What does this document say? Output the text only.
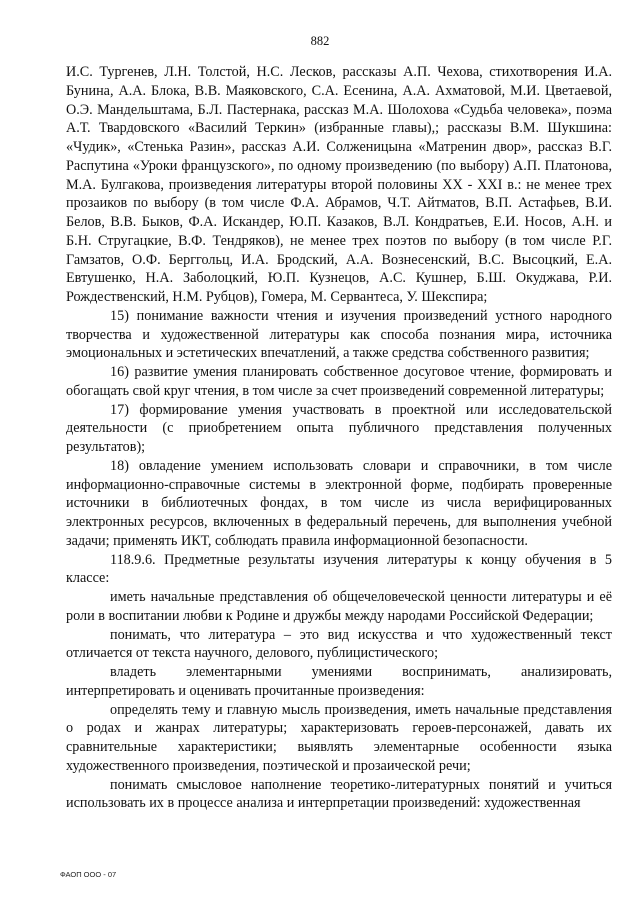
882

И.С. Тургенев, Л.Н. Толстой, Н.С. Лесков, рассказы А.П. Чехова, стихотворения И.А. Бунина, А.А. Блока, В.В. Маяковского, С.А. Есенина, А.А. Ахматовой, М.И. Цветаевой, О.Э. Мандельштама, Б.Л. Пастернака, рассказ М.А. Шолохова «Судьба человека», поэма А.Т. Твардовского «Василий Теркин» (избранные главы),; рассказы В.М. Шукшина: «Чудик», «Стенька Разин», рассказ А.И. Солженицына «Матренин двор», рассказ В.Г. Распутина «Уроки французского», по одному произведению (по выбору) А.П. Платонова, М.А. Булгакова, произведения литературы второй половины XX - XXI в.: не менее трех прозаиков по выбору (в том числе Ф.А. Абрамов, Ч.Т. Айтматов, В.П. Астафьев, В.И. Белов, В.В. Быков, Ф.А. Искандер, Ю.П. Казаков, В.Л. Кондратьев, Е.И. Носов, А.Н. и Б.Н. Стругацкие, В.Ф. Тендряков), не менее трех поэтов по выбору (в том числе Р.Г. Гамзатов, О.Ф. Берггольц, И.А. Бродский, А.А. Вознесенский, В.С. Высоцкий, Е.А. Евтушенко, Н.А. Заболоцкий, Ю.П. Кузнецов, А.С. Кушнер, Б.Ш. Окуджава, Р.И. Рождественский, Н.М. Рубцов), Гомера, М. Сервантеса, У. Шекспира;

15) понимание важности чтения и изучения произведений устного народного творчества и художественной литературы как способа познания мира, источника эмоциональных и эстетических впечатлений, а также средства собственного развития;

16) развитие умения планировать собственное досуговое чтение, формировать и обогащать свой круг чтения, в том числе за счет произведений современной литературы;

17) формирование умения участвовать в проектной или исследовательской деятельности (с приобретением опыта публичного представления полученных результатов);

18) овладение умением использовать словари и справочники, в том числе информационно-справочные системы в электронной форме, подбирать проверенные источники в библиотечных фондах, в том числе из числа верифицированных электронных ресурсов, включенных в федеральный перечень, для выполнения учебной задачи; применять ИКТ, соблюдать правила информационной безопасности.

118.9.6. Предметные результаты изучения литературы к концу обучения в 5 классе:

иметь начальные представления об общечеловеческой ценности литературы и её роли в воспитании любви к Родине и дружбы между народами Российской Федерации;

понимать, что литература – это вид искусства и что художественный текст отличается от текста научного, делового, публицистического;

владеть элементарными умениями воспринимать, анализировать, интерпретировать и оценивать прочитанные произведения:

определять тему и главную мысль произведения, иметь начальные представления о родах и жанрах литературы; характеризовать героев-персонажей, давать их сравнительные характеристики; выявлять элементарные особенности языка художественного произведения, поэтической и прозаической речи;

понимать смысловое наполнение теоретико-литературных понятий и учиться использовать их в процессе анализа и интерпретации произведений: художественная

ФАОП ООО - 07
